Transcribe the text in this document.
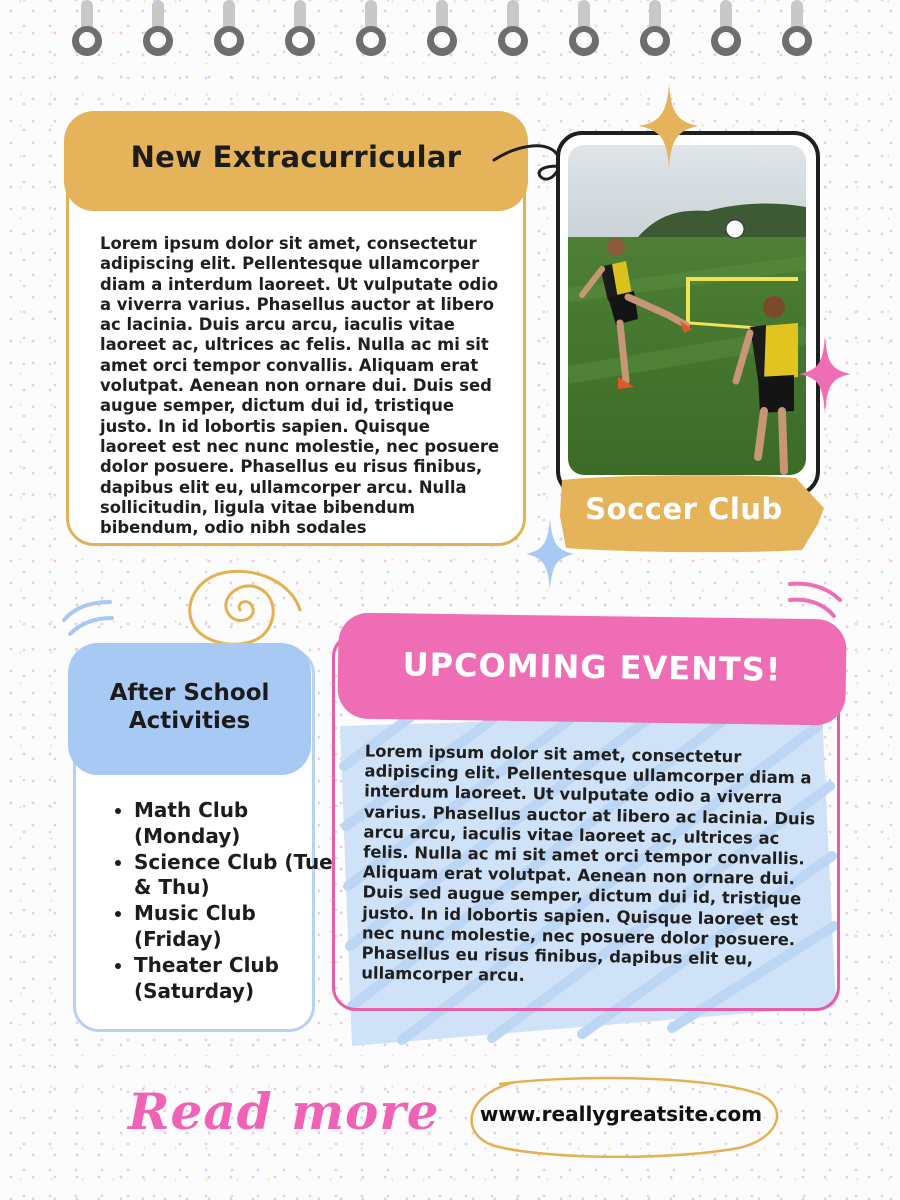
New Extracurricular
Lorem ipsum dolor sit amet, consectetur adipiscing elit. Pellentesque ullamcorper diam a interdum laoreet. Ut vulputate odio a viverra varius. Phasellus auctor at libero ac lacinia. Duis arcu arcu, iaculis vitae laoreet ac, ultrices ac felis. Nulla ac mi sit amet orci tempor convallis. Aliquam erat volutpat. Aenean non ornare dui. Duis sed augue semper, dictum dui id, tristique justo. In id lobortis sapien. Quisque laoreet est nec nunc molestie, nec posuere dolor posuere. Phasellus eu risus finibus, dapibus elit eu, ullamcorper arcu. Nulla sollicitudin, ligula vitae bibendum bibendum, odio nibh sodales
Soccer Club
After School Activities
• Math Club (Monday)
• Science Club (Tue & Thu)
• Music Club (Friday)
• Theater Club (Saturday)
UPCOMING EVENTS!
Lorem ipsum dolor sit amet, consectetur adipiscing elit. Pellentesque ullamcorper diam a interdum laoreet. Ut vulputate odio a viverra varius. Phasellus auctor at libero ac lacinia. Duis arcu arcu, iaculis vitae laoreet ac, ultrices ac felis. Nulla ac mi sit amet orci tempor convallis. Aliquam erat volutpat. Aenean non ornare dui. Duis sed augue semper, dictum dui id, tristique justo. In id lobortis sapien. Quisque laoreet est nec nunc molestie, nec posuere dolor posuere. Phasellus eu risus finibus, dapibus elit eu, ullamcorper arcu.
Read more	www.reallygreatsite.com
